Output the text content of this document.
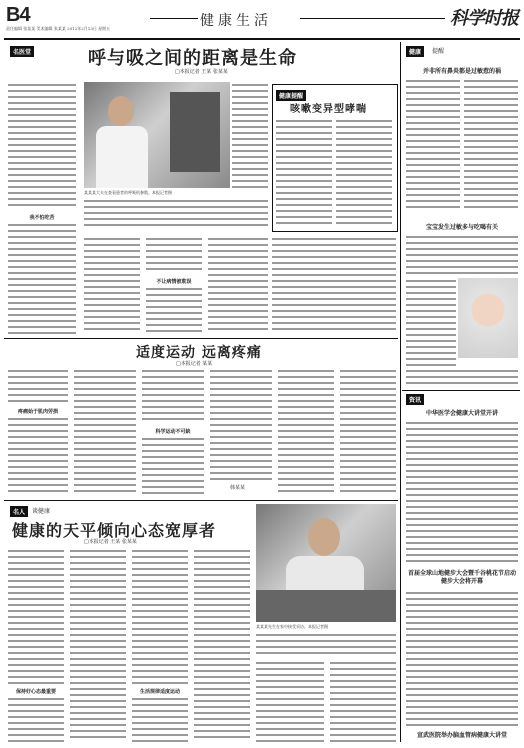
B4
责任编辑 张某某 美术编辑 张某某 2012年2月13日 星期五	健康生活	科学时报
名医堂	呼与吸之间的距离是生命
□本报记者 王某 张某某
我不怕吃苦
某某某大夫在查看患者的呼吸机参数。本报记者摄
不让病情被耽误
健康提醒
咳嗽变异型哮喘
适度运动 远离疼痛
□本报记者 某某
疼痛始于肌肉劳损
科学运动不可缺
韩某某
名人	谈健康
健康的天平倾向心态宽厚者
□本报记者 王某 张某某
保持好心态最重要	生活规律适度运动
某某某先生在家中接受采访。本报记者摄
健康	提醒
并非所有鼻炎都是过敏惹的祸
宝宝发生过敏多与吃喝有关
资讯
中华医学会健康大讲堂开讲
首届全球山地健步大会暨千谷桃花节启动健步大会将开幕
宣武医院举办脑血管病健康大讲堂
